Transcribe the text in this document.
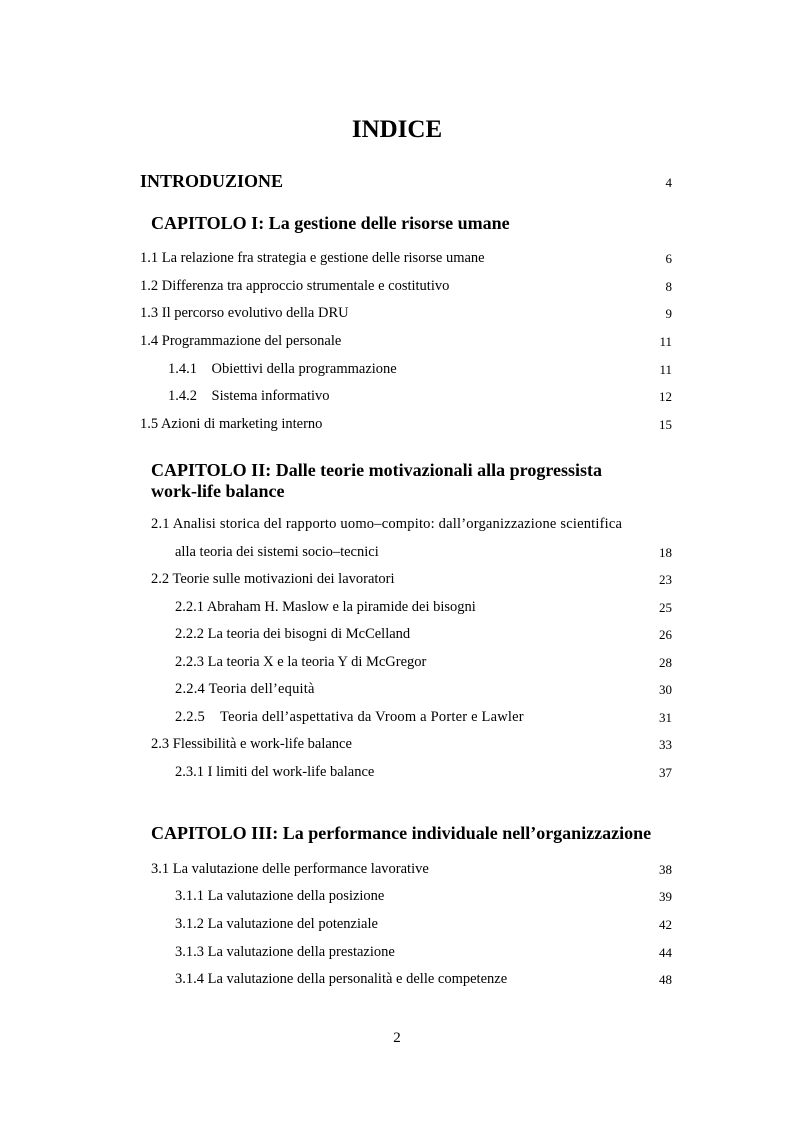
INDICE
INTRODUZIONE	4
CAPITOLO I: La gestione delle risorse umane
1.1 La relazione fra strategia e gestione delle risorse umane	6
1.2 Differenza tra approccio strumentale e costitutivo	8
1.3 Il percorso evolutivo della DRU	9
1.4 Programmazione del personale	11
1.4.1    Obiettivi della programmazione	11
1.4.2    Sistema informativo	12
1.5 Azioni di marketing interno	15
CAPITOLO II: Dalle teorie motivazionali alla progressista
work-life balance
2.1 Analisi storica del rapporto uomo–compito: dall’organizzazione scientifica
alla teoria dei sistemi socio–tecnici	18
2.2 Teorie sulle motivazioni dei lavoratori	23
2.2.1 Abraham H. Maslow e la piramide dei bisogni	25
2.2.2 La teoria dei bisogni di McCelland	26
2.2.3 La teoria X e la teoria Y di McGregor	28
2.2.4 Teoria dell’equità	30
2.2.5    Teoria dell’aspettativa da Vroom a Porter e Lawler	31
2.3 Flessibilità e work-life balance	33
2.3.1 I limiti del work-life balance	37
CAPITOLO III: La performance individuale nell’organizzazione
3.1 La valutazione delle performance lavorative	38
3.1.1 La valutazione della posizione	39
3.1.2 La valutazione del potenziale	42
3.1.3 La valutazione della prestazione	44
3.1.4 La valutazione della personalità e delle competenze	48
2
